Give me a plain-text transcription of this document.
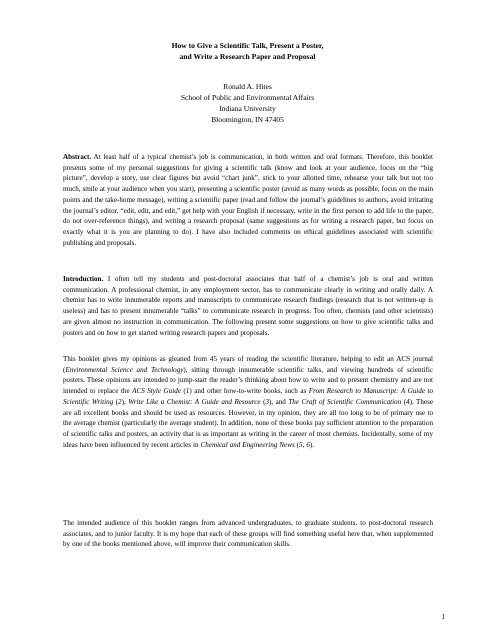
How to Give a Scientific Talk, Present a Poster,
and Write a Research Paper and Proposal
Ronald A. Hites
School of Public and Environmental Affairs
Indiana University
Bloomington, IN 47405

Abstract. At least half of a typical chemist’s job is communication, in both written and oral formats. Therefore, this booklet presents some of my personal suggestions for giving a scientific talk (know and look at your audience, focus on the “big picture”, develop a story, use clear figures but avoid “chart junk”, stick to your allotted time, rehearse your talk but not too much, smile at your audience when you start), presenting a scientific poster (avoid as many words as possible, focus on the main points and the take-home message), writing a scientific paper (read and follow the journal’s guidelines to authors, avoid irritating the journal’s editor, “edit, edit, and edit,” get help with your English if necessary, write in the first person to add life to the paper, do not over-reference things), and writing a research proposal (same suggestions as for writing a research paper, but focus on exactly what it is you are planning to do). I have also included comments on ethical guidelines associated with scientific publishing and proposals.

Introduction. I often tell my students and post-doctoral associates that half of a chemist’s job is oral and written communication. A professional chemist, in any employment sector, has to communicate clearly in writing and orally daily. A chemist has to write innumerable reports and manuscripts to communicate research findings (research that is not written-up is useless) and has to present innumerable “talks” to communicate research in progress. Too often, chemists (and other scientists) are given almost no instruction in communication. The following present some suggestions on how to give scientific talks and posters and on how to get started writing research papers and proposals.

This booklet gives my opinions as gleaned from 45 years of reading the scientific literature, helping to edit an ACS journal (Environmental Science and Technology), sitting through innumerable scientific talks, and viewing hundreds of scientific posters. These opinions are intended to jump-start the reader’s thinking about how to write and to present chemistry and are not intended to replace the ACS Style Guide (1) and other how-to-write books, such as From Research to Manuscript: A Guide to Scientific Writing (2), Write Like a Chemist: A Guide and Resource (3), and The Craft of Scientific Communication (4). These are all excellent books and should be used as resources. However, in my opinion, they are all too long to be of primary use to the average chemist (particularly the average student). In addition, none of these books pay sufficient attention to the preparation of scientific talks and posters, an activity that is as important as writing in the career of most chemists. Incidentally, some of my ideas have been influenced by recent articles in Chemical and Engineering News (5, 6).

The intended audience of this booklet ranges from advanced undergraduates, to graduate students, to post-doctoral research associates, and to junior faculty. It is my hope that each of these groups will find something useful here that, when supplemented by one of the books mentioned above, will improve their communication skills.

1
